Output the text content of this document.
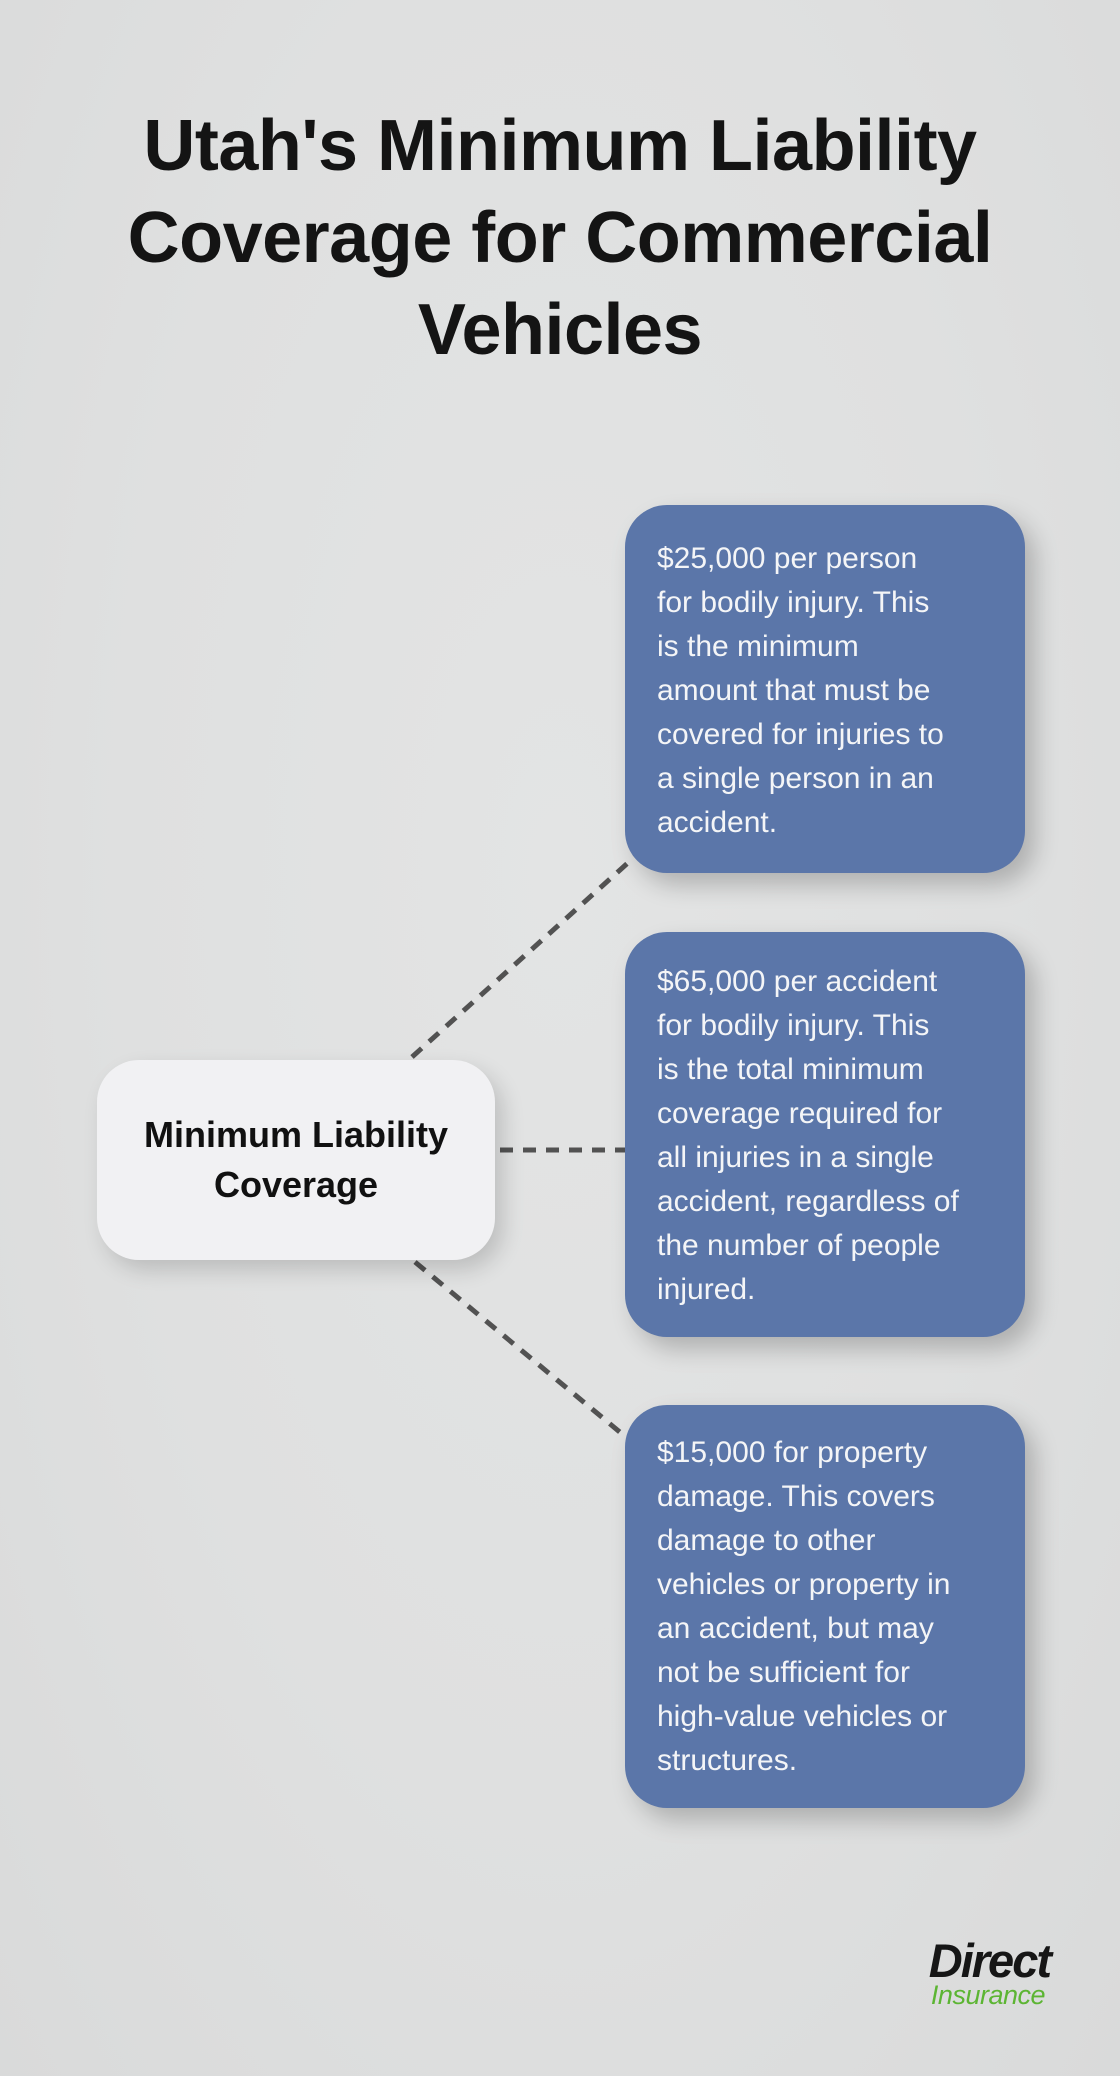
Utah's Minimum Liability Coverage for Commercial Vehicles
Minimum Liability Coverage
$25,000 per person
for bodily injury. This
is the minimum
amount that must be
covered for injuries to
a single person in an
accident.
$65,000 per accident
for bodily injury. This
is the total minimum
coverage required for
all injuries in a single
accident, regardless of
the number of people
injured.
$15,000 for property
damage. This covers
damage to other
vehicles or property in
an accident, but may
not be sufficient for
high-value vehicles or
structures.
Direct
Insurance
